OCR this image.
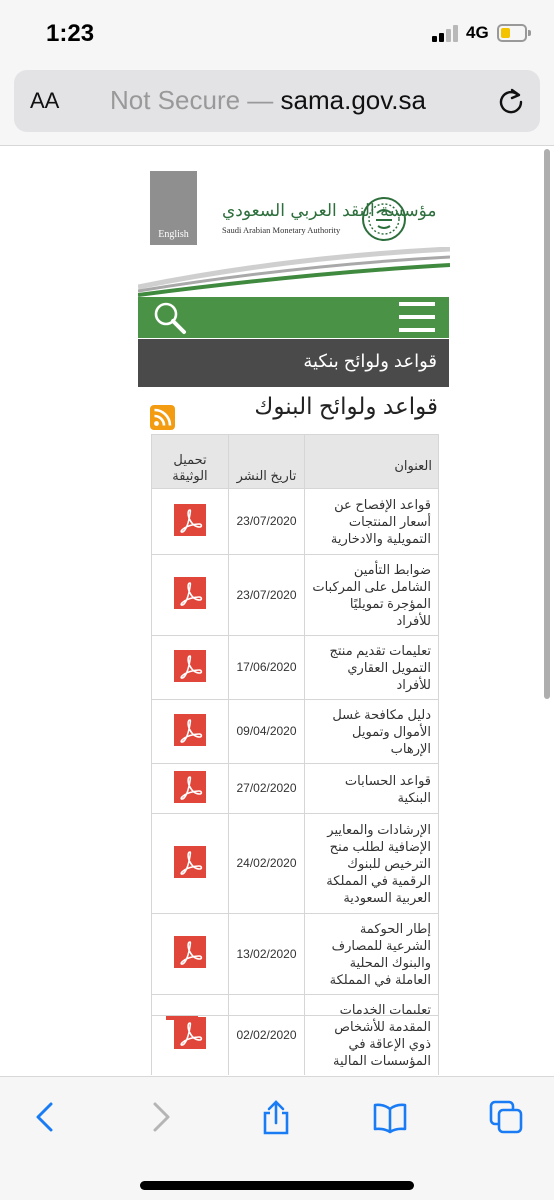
1:23	4G
AA Not Secure — sama.gov.sa
English
مؤسسة النقد العربي السعودي
Saudi Arabian Monetary Authority
قواعد ولوائح بنكية
قواعد ولوائح البنوك
العنوان	تاريخ النشر	تحميل الوثيقة
قواعد الإفصاح عن أسعار المنتجات التمويلية والادخارية	23/07/2020	
ضوابط التأمين الشامل على المركبات المؤجرة تمويليًا للأفراد	23/07/2020	
تعليمات تقديم منتج التمويل العقاري للأفراد	17/06/2020	
دليل مكافحة غسل الأموال وتمويل الإرهاب	09/04/2020	
قواعد الحسابات البنكية	27/02/2020	
الإرشادات والمعايير الإضافية لطلب منح الترخيص للبنوك الرقمية في المملكة العربية السعودية	24/02/2020	
إطار الحوكمة الشرعية للمصارف والبنوك المحلية العاملة في المملكة	13/02/2020	
تعليمات الخدمات المقدمة للأشخاص ذوي الإعاقة في المؤسسات المالية	02/02/2020	
